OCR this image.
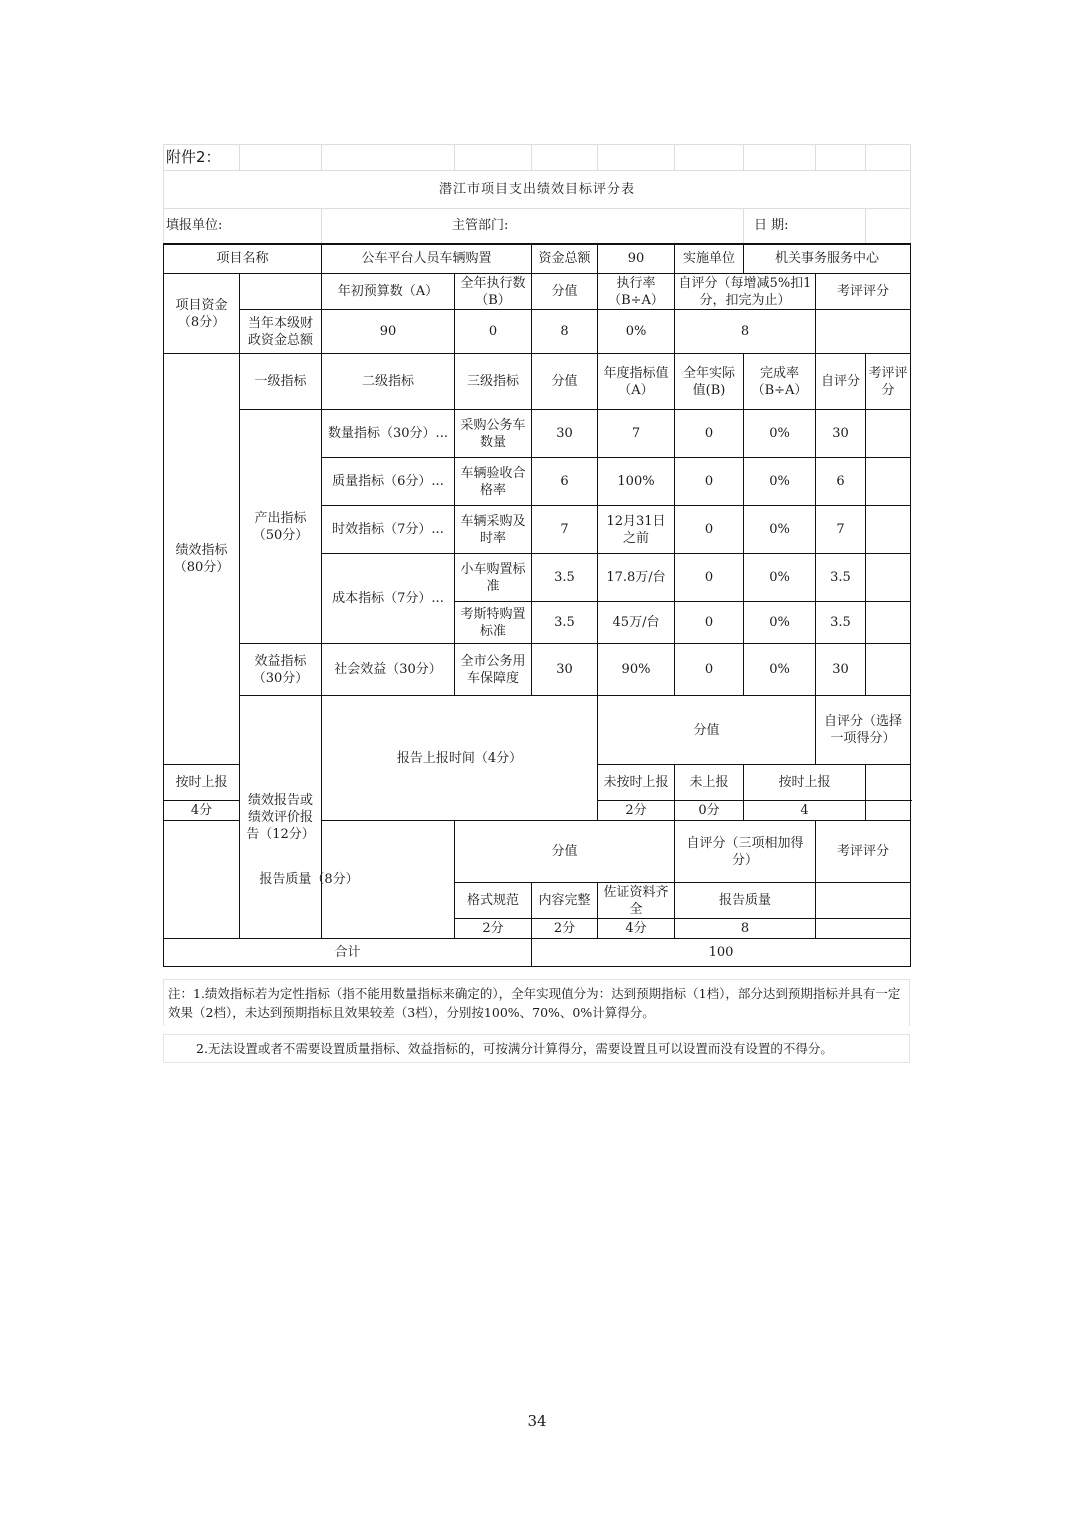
附件2：										
潜江市项目支出绩效目标评分表										
填报单位:		主管部门:					日 期:			
项目名称		公车平台人员车辆购置		资金总额	90	实施单位	机关事务服务中心			
项目资金（8分）		年初预算数（A）	全年执行数（B）	分值	执行率（B÷A）	自评分（每增减5%扣1分，扣完为止）		考评评分		
	当年本级财政资金总额	90	0	8	0%	8				
绩效指标（80分）	一级指标	二级指标	三级指标	分值	年度指标值（A）	全年实际值(B)	完成率（B÷A）	自评分	考评评分	
	产出指标（50分）	数量指标（30分）...	采购公务车数量	30	7	0	0%	30		
		质量指标（6分）...	车辆验收合格率	6	100%	0	0%	6		
		时效指标（7分）...	车辆采购及时率	7	12月31日之前	0	0%	7		
		成本指标（7分）...	小车购置标准	3.5	17.8万/台	0	0%	3.5		
			考斯特购置标准	3.5	45万/台	0	0%	3.5		
	效益指标（30分）	社会效益（30分）	全市公务用车保障度	30	90%	0	0%	30		
	绩效报告或绩效评价报告（12分）	报告上报时间（4分）			分值			自评分（选择一项得分）		
按时上报					未按时上报	未上报	按时上报			
4分					2分	0分	4			
报告质量（8分）			分值			自评分（三项相加得分）		考评评分		
			格式规范	内容完整	佐证资料齐全	报告质量				
			2分	2分	4分	8				
合计				100						
注：1.绩效指标若为定性指标（指不能用数量指标来确定的），全年实现值分为：达到预期指标（1档），部分达到预期指标并具有一定效果（2档），未达到预期指标且效果较差（3档），分别按100%、70%、0%计算得分。
2.无法设置或者不需要设置质量指标、效益指标的，可按满分计算得分，需要设置且可以设置而没有设置的不得分。
34
